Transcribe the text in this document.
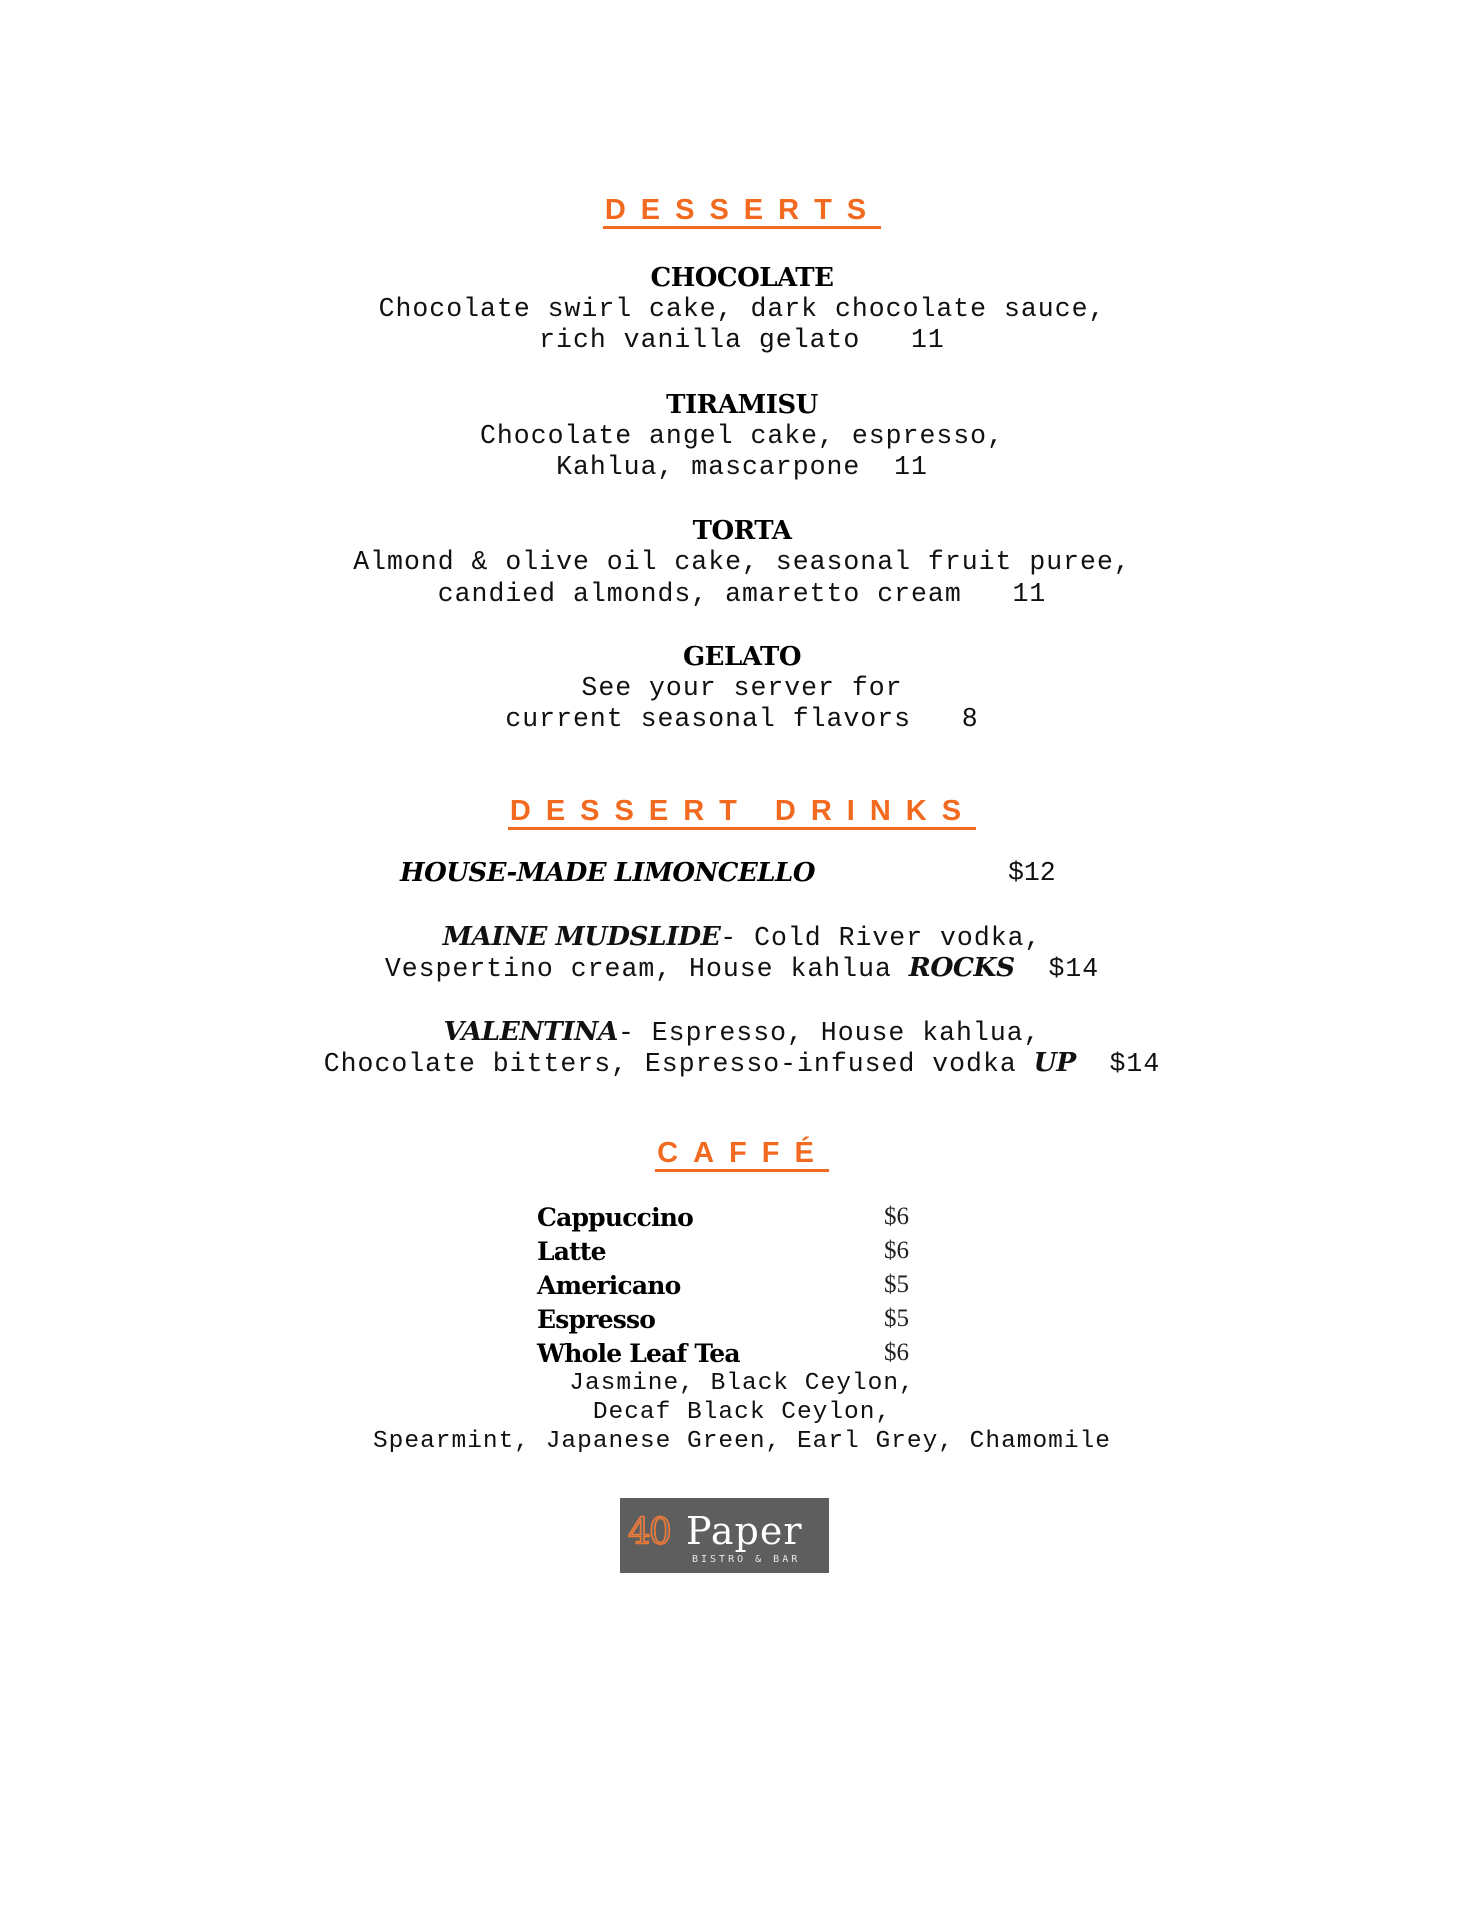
DESSERTS
CHOCOLATE
Chocolate swirl cake, dark chocolate sauce,
rich vanilla gelato   11
TIRAMISU
Chocolate angel cake, espresso,
Kahlua, mascarpone  11
TORTA
Almond & olive oil cake, seasonal fruit puree,
candied almonds, amaretto cream   11
GELATO
See your server for
current seasonal flavors   8
DESSERT DRINKS
HOUSE-MADE LIMONCELLO	$12
MAINE MUDSLIDE- Cold River vodka,
Vespertino cream, House kahlua ROCKS  $14
VALENTINA- Espresso, House kahlua,
Chocolate bitters, Espresso-infused vodka UP  $14
CAFFÉ
Cappuccino	$6
Latte	$6
Americano	$5
Espresso	$5
Whole Leaf Tea	$6
Jasmine, Black Ceylon,
Decaf Black Ceylon,
Spearmint, Japanese Green, Earl Grey, Chamomile
40 Paper
BISTRO & BAR
